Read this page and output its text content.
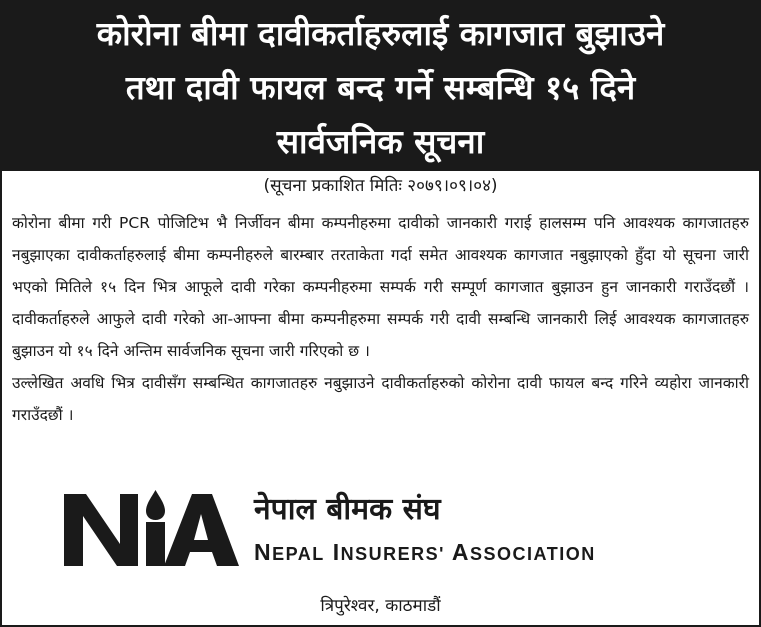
कोरोना बीमा दावीकर्ताहरुलाई कागजात बुझाउने
तथा दावी फायल बन्द गर्ने सम्बन्धि १५ दिने
सार्वजनिक सूचना
(सूचना प्रकाशित मितिः २०७९।०९।०४)

कोरोना बीमा गरी PCR पोजिटिभ भै निर्जीवन बीमा कम्पनीहरुमा दावीको जानकारी गराई हालसम्म पनि आवश्यक कागजातहरु नबुझाएका दावीकर्ताहरुलाई बीमा कम्पनीहरुले बारम्बार तरताकेता गर्दा समेत आवश्यक कागजात नबुझाएको हुँदा यो सूचना जारी भएको मितिले १५ दिन भित्र आफूले दावी गरेका कम्पनीहरुमा सम्पर्क गरी सम्पूर्ण कागजात बुझाउन हुन जानकारी गराउँदछौं । दावीकर्ताहरुले आफुले दावी गरेको आ-आफ्ना बीमा कम्पनीहरुमा सम्पर्क गरी दावी सम्बन्धि जानकारी लिई आवश्यक कागजातहरु बुझाउन यो १५ दिने अन्तिम सार्वजनिक सूचना जारी गरिएको छ ।

उल्लेखित अवधि भित्र दावीसँग सम्बन्धित कागजातहरु नबुझाउने दावीकर्ताहरुको कोरोना दावी फायल बन्द गरिने व्यहोरा जानकारी गराउँदछौं ।

नेपाल बीमक संघ
NEPAL INSURERS' ASSOCIATION
त्रिपुरेश्वर, काठमाडौं
